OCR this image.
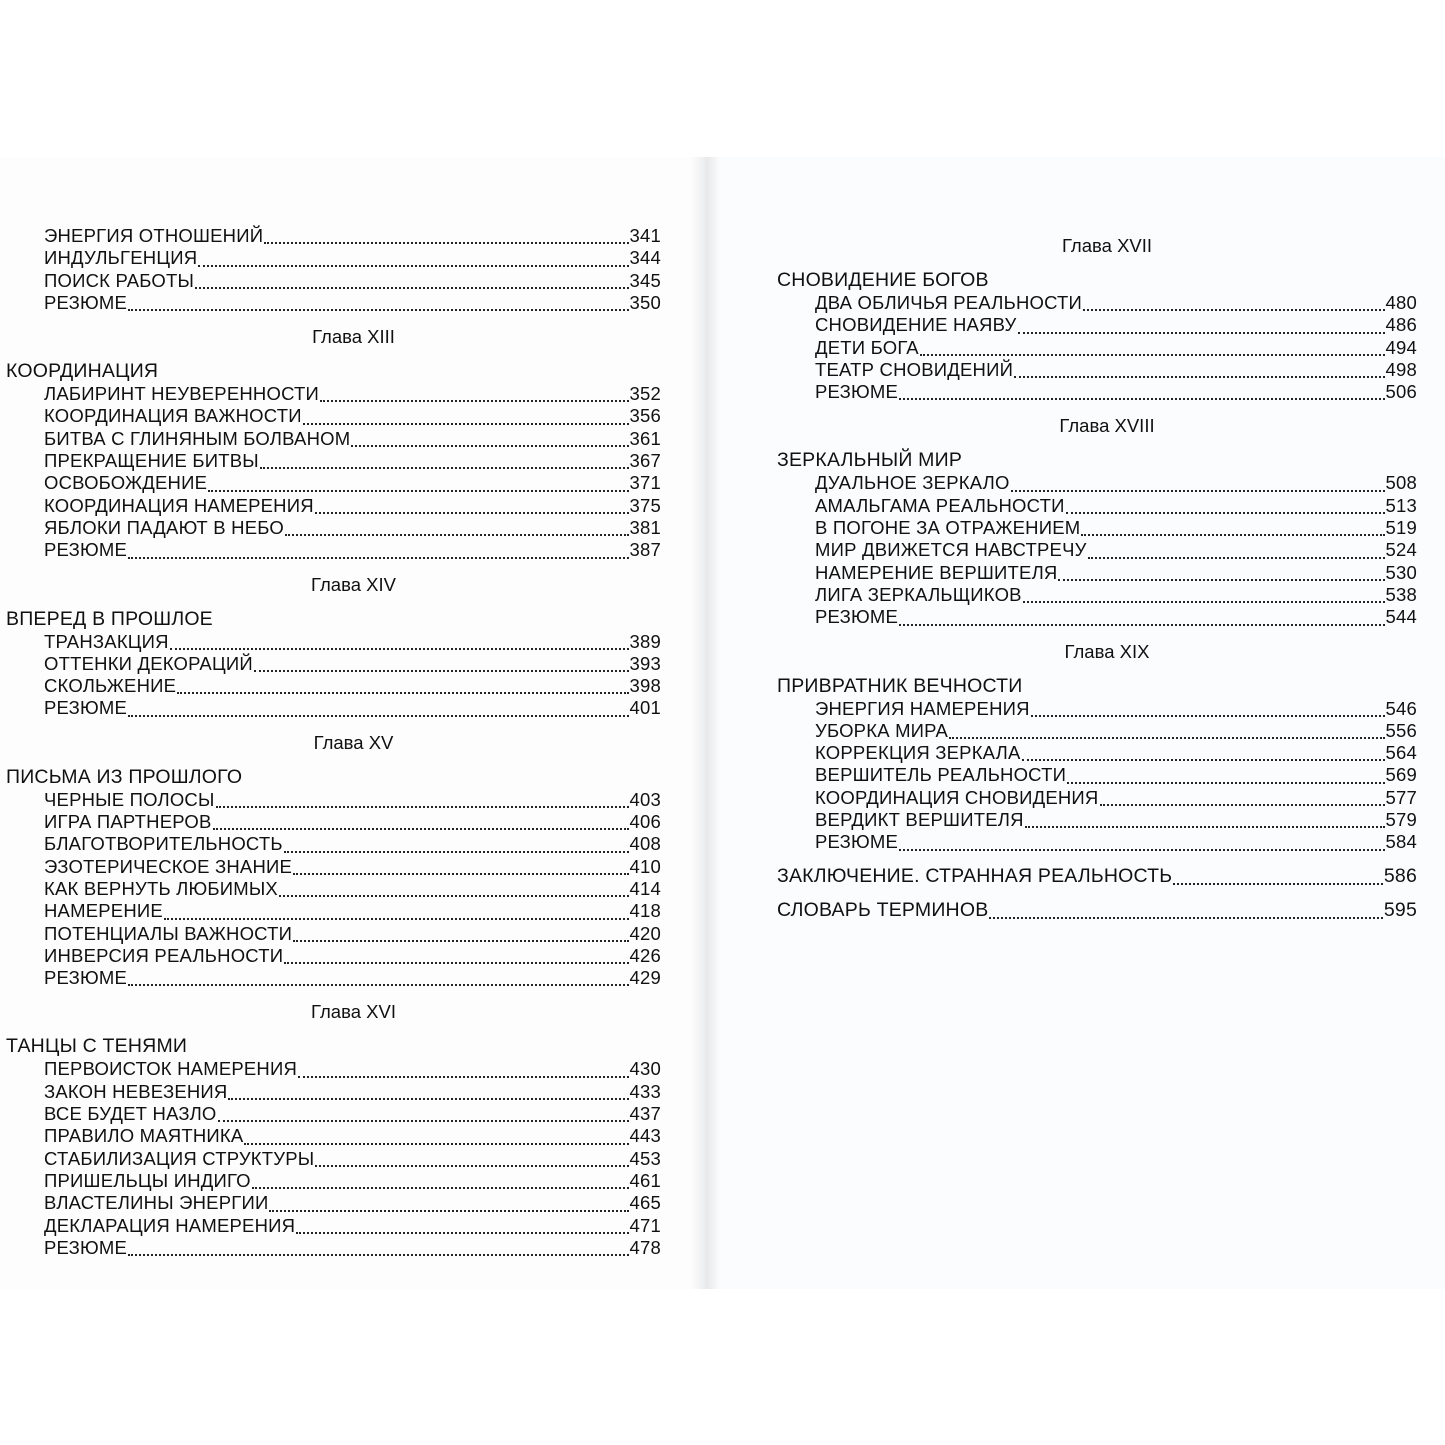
ЭНЕРГИЯ ОТНОШЕНИЙ	341
ИНДУЛЬГЕНЦИЯ	344
ПОИСК РАБОТЫ	345
РЕЗЮМЕ	350
Глава XIII
КООРДИНАЦИЯ
ЛАБИРИНТ НЕУВЕРЕННОСТИ	352
КООРДИНАЦИЯ ВАЖНОСТИ	356
БИТВА С ГЛИНЯНЫМ БОЛВАНОМ	361
ПРЕКРАЩЕНИЕ БИТВЫ	367
ОСВОБОЖДЕНИЕ	371
КООРДИНАЦИЯ НАМЕРЕНИЯ	375
ЯБЛОКИ ПАДАЮТ В НЕБО	381
РЕЗЮМЕ	387
Глава XIV
ВПЕРЕД В ПРОШЛОЕ
ТРАНЗАКЦИЯ	389
ОТТЕНКИ ДЕКОРАЦИЙ	393
СКОЛЬЖЕНИЕ	398
РЕЗЮМЕ	401
Глава XV
ПИСЬМА ИЗ ПРОШЛОГО
ЧЕРНЫЕ ПОЛОСЫ	403
ИГРА ПАРТНЕРОВ	406
БЛАГОТВОРИТЕЛЬНОСТЬ	408
ЭЗОТЕРИЧЕСКОЕ ЗНАНИЕ	410
КАК ВЕРНУТЬ ЛЮБИМЫХ	414
НАМЕРЕНИЕ	418
ПОТЕНЦИАЛЫ ВАЖНОСТИ	420
ИНВЕРСИЯ РЕАЛЬНОСТИ	426
РЕЗЮМЕ	429
Глава XVI
ТАНЦЫ С ТЕНЯМИ
ПЕРВОИСТОК НАМЕРЕНИЯ	430
ЗАКОН НЕВЕЗЕНИЯ	433
ВСЕ БУДЕТ НАЗЛО	437
ПРАВИЛО МАЯТНИКА	443
СТАБИЛИЗАЦИЯ СТРУКТУРЫ	453
ПРИШЕЛЬЦЫ ИНДИГО	461
ВЛАСТЕЛИНЫ ЭНЕРГИИ	465
ДЕКЛАРАЦИЯ НАМЕРЕНИЯ	471
РЕЗЮМЕ	478
Глава XVII
СНОВИДЕНИЕ БОГОВ
ДВА ОБЛИЧЬЯ РЕАЛЬНОСТИ	480
СНОВИДЕНИЕ НАЯВУ	486
ДЕТИ БОГА	494
ТЕАТР СНОВИДЕНИЙ	498
РЕЗЮМЕ	506
Глава XVIII
ЗЕРКАЛЬНЫЙ МИР
ДУАЛЬНОЕ ЗЕРКАЛО	508
АМАЛЬГАМА РЕАЛЬНОСТИ	513
В ПОГОНЕ ЗА ОТРАЖЕНИЕМ	519
МИР ДВИЖЕТСЯ НАВСТРЕЧУ	524
НАМЕРЕНИЕ ВЕРШИТЕЛЯ	530
ЛИГА ЗЕРКАЛЬЩИКОВ	538
РЕЗЮМЕ	544
Глава XIX
ПРИВРАТНИК ВЕЧНОСТИ
ЭНЕРГИЯ НАМЕРЕНИЯ	546
УБОРКА МИРА	556
КОРРЕКЦИЯ ЗЕРКАЛА	564
ВЕРШИТЕЛЬ РЕАЛЬНОСТИ	569
КООРДИНАЦИЯ СНОВИДЕНИЯ	577
ВЕРДИКТ ВЕРШИТЕЛЯ	579
РЕЗЮМЕ	584
ЗАКЛЮЧЕНИЕ. СТРАННАЯ РЕАЛЬНОСТЬ	586
СЛОВАРЬ ТЕРМИНОВ	595
